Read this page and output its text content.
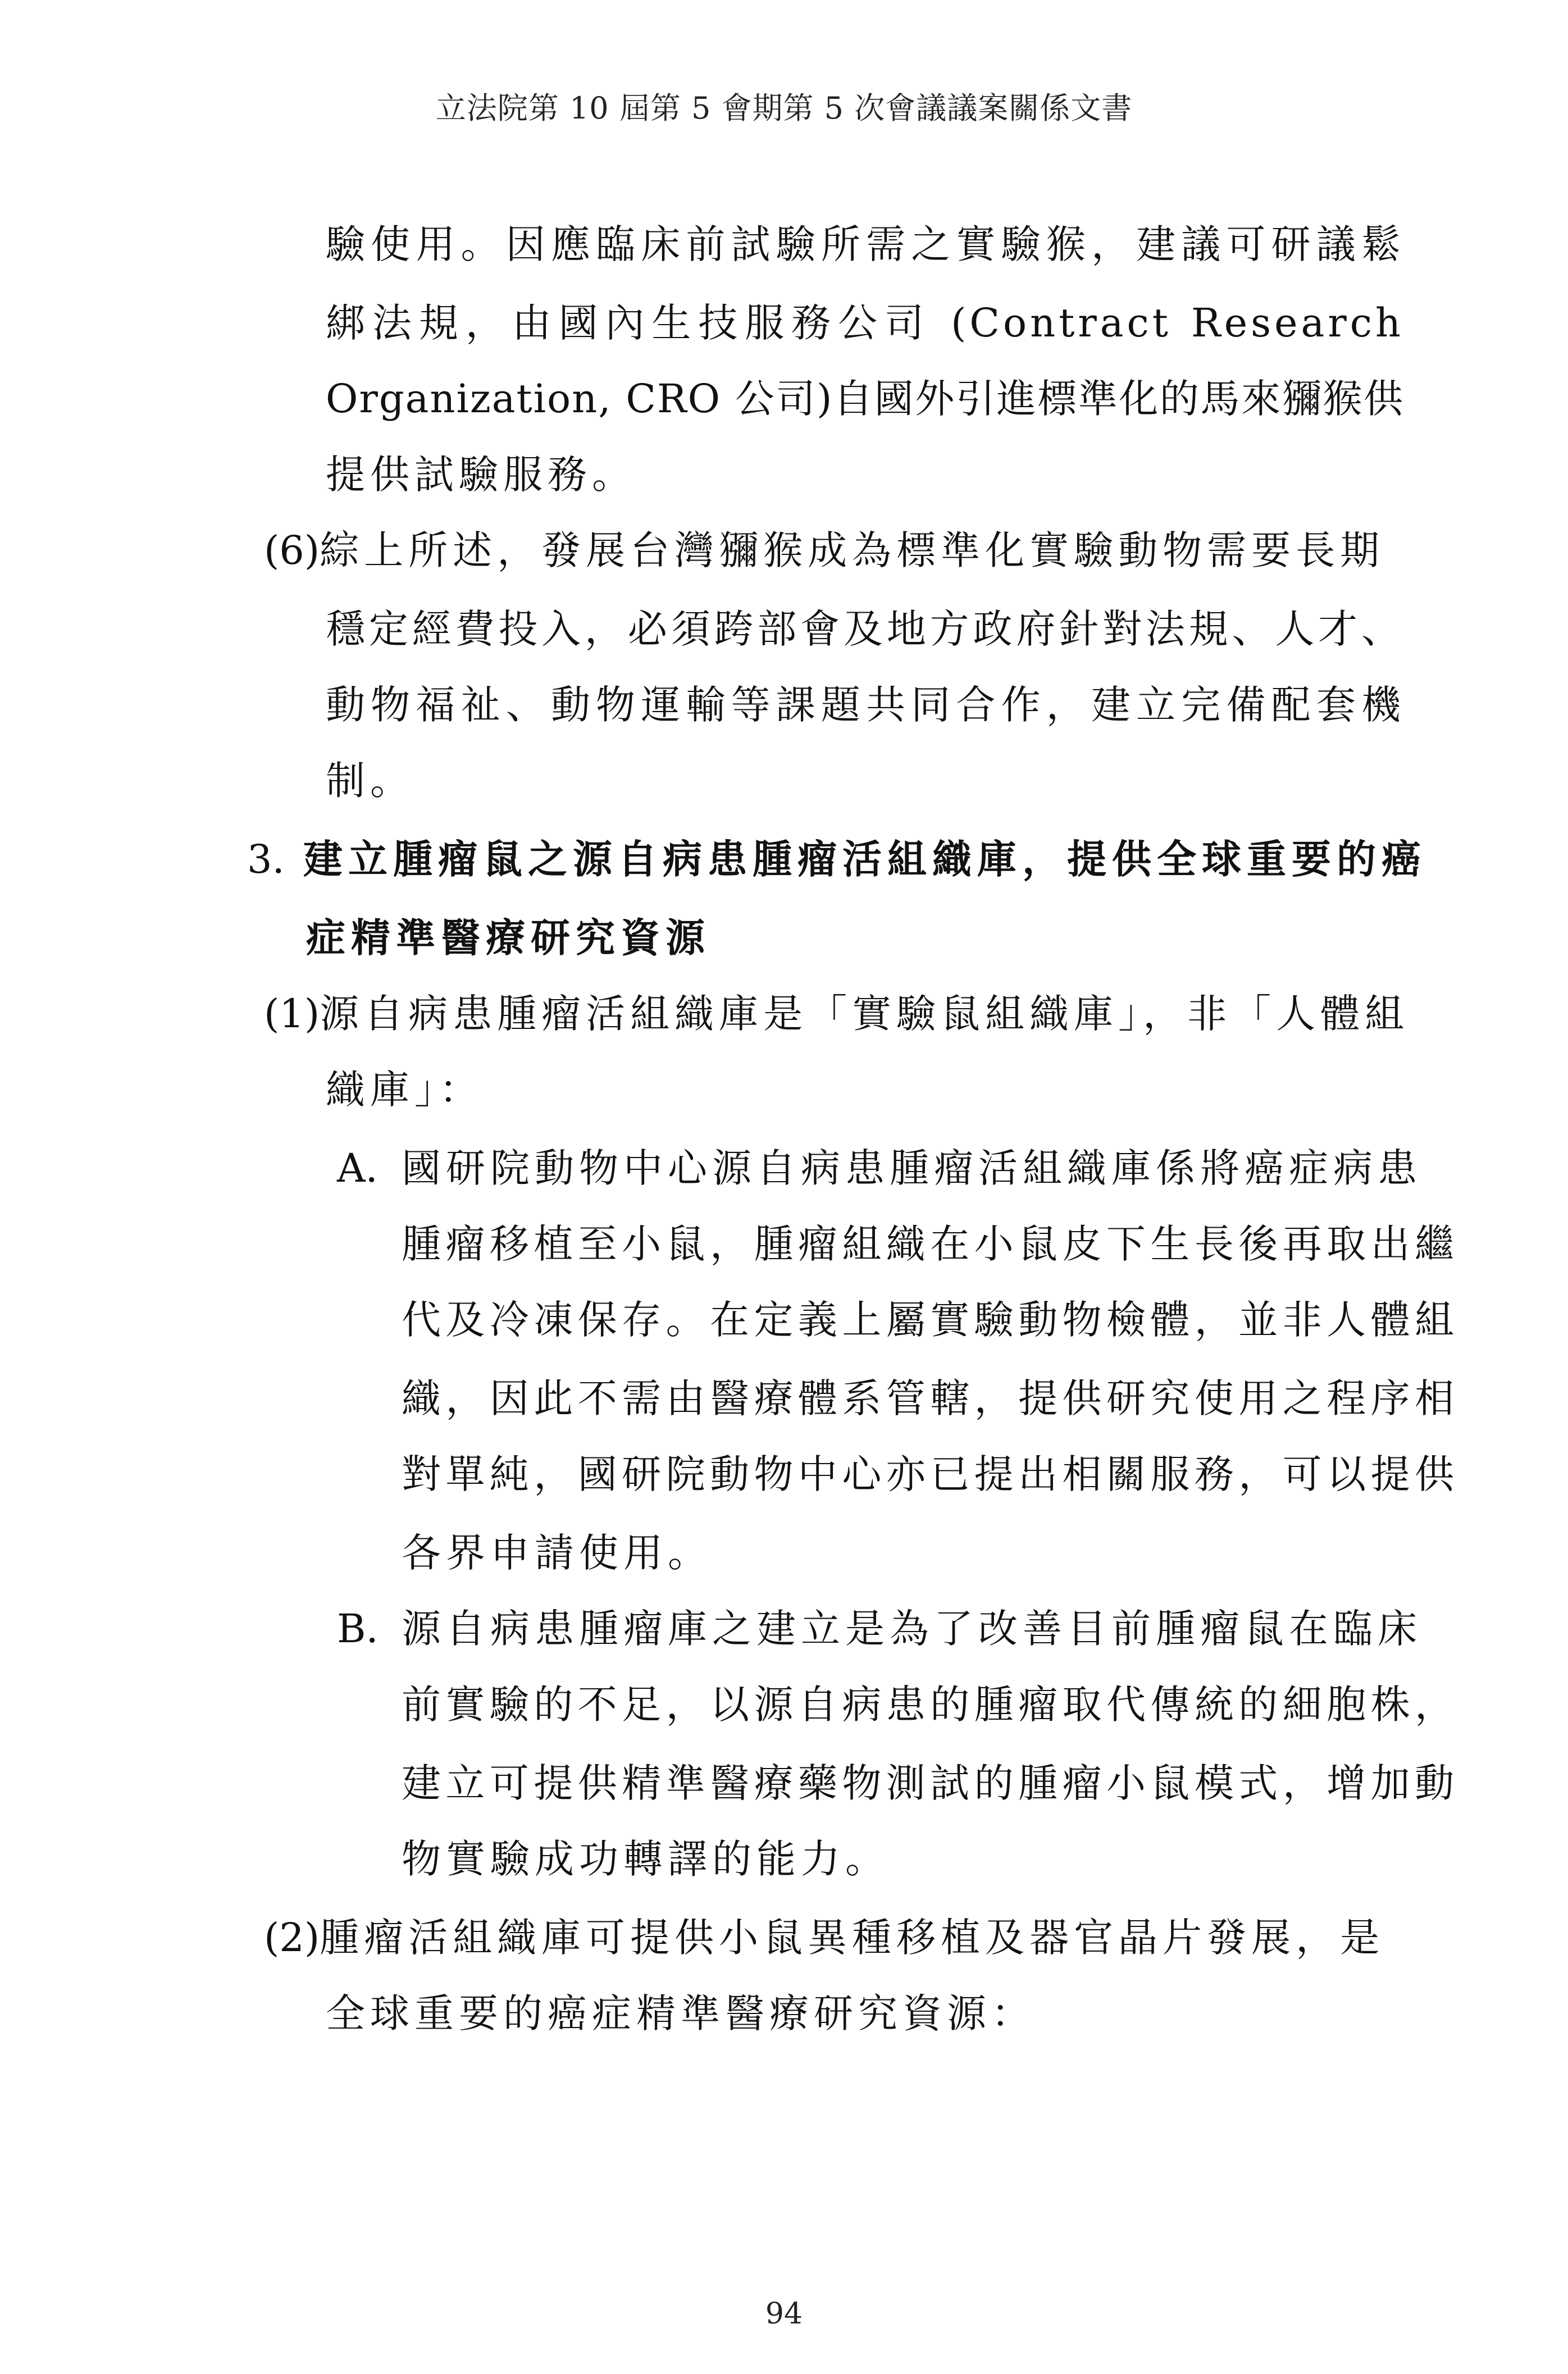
立法院第 10 屆第 5 會期第 5 次會議議案關係文書
驗使用。因應臨床前試驗所需之實驗猴，建議可研議鬆
綁法規，由國內生技服務公司 (Contract Research
Organization, CRO 公司)自國外引進標準化的馬來獼猴供
提供試驗服務。
(6)綜上所述，發展台灣獼猴成為標準化實驗動物需要長期
穩定經費投入，必須跨部會及地方政府針對法規、人才、
動物福祉、動物運輸等課題共同合作，建立完備配套機
制。
3. 建立腫瘤鼠之源自病患腫瘤活組織庫，提供全球重要的癌
症精準醫療研究資源
(1)源自病患腫瘤活組織庫是「實驗鼠組織庫」，非「人體組
織庫」：
A. 國研院動物中心源自病患腫瘤活組織庫係將癌症病患
腫瘤移植至小鼠，腫瘤組織在小鼠皮下生長後再取出繼
代及冷凍保存。在定義上屬實驗動物檢體，並非人體組
織，因此不需由醫療體系管轄，提供研究使用之程序相
對單純，國研院動物中心亦已提出相關服務，可以提供
各界申請使用。
B. 源自病患腫瘤庫之建立是為了改善目前腫瘤鼠在臨床
前實驗的不足，以源自病患的腫瘤取代傳統的細胞株，
建立可提供精準醫療藥物測試的腫瘤小鼠模式，增加動
物實驗成功轉譯的能力。
(2)腫瘤活組織庫可提供小鼠異種移植及器官晶片發展，是
全球重要的癌症精準醫療研究資源：
94
